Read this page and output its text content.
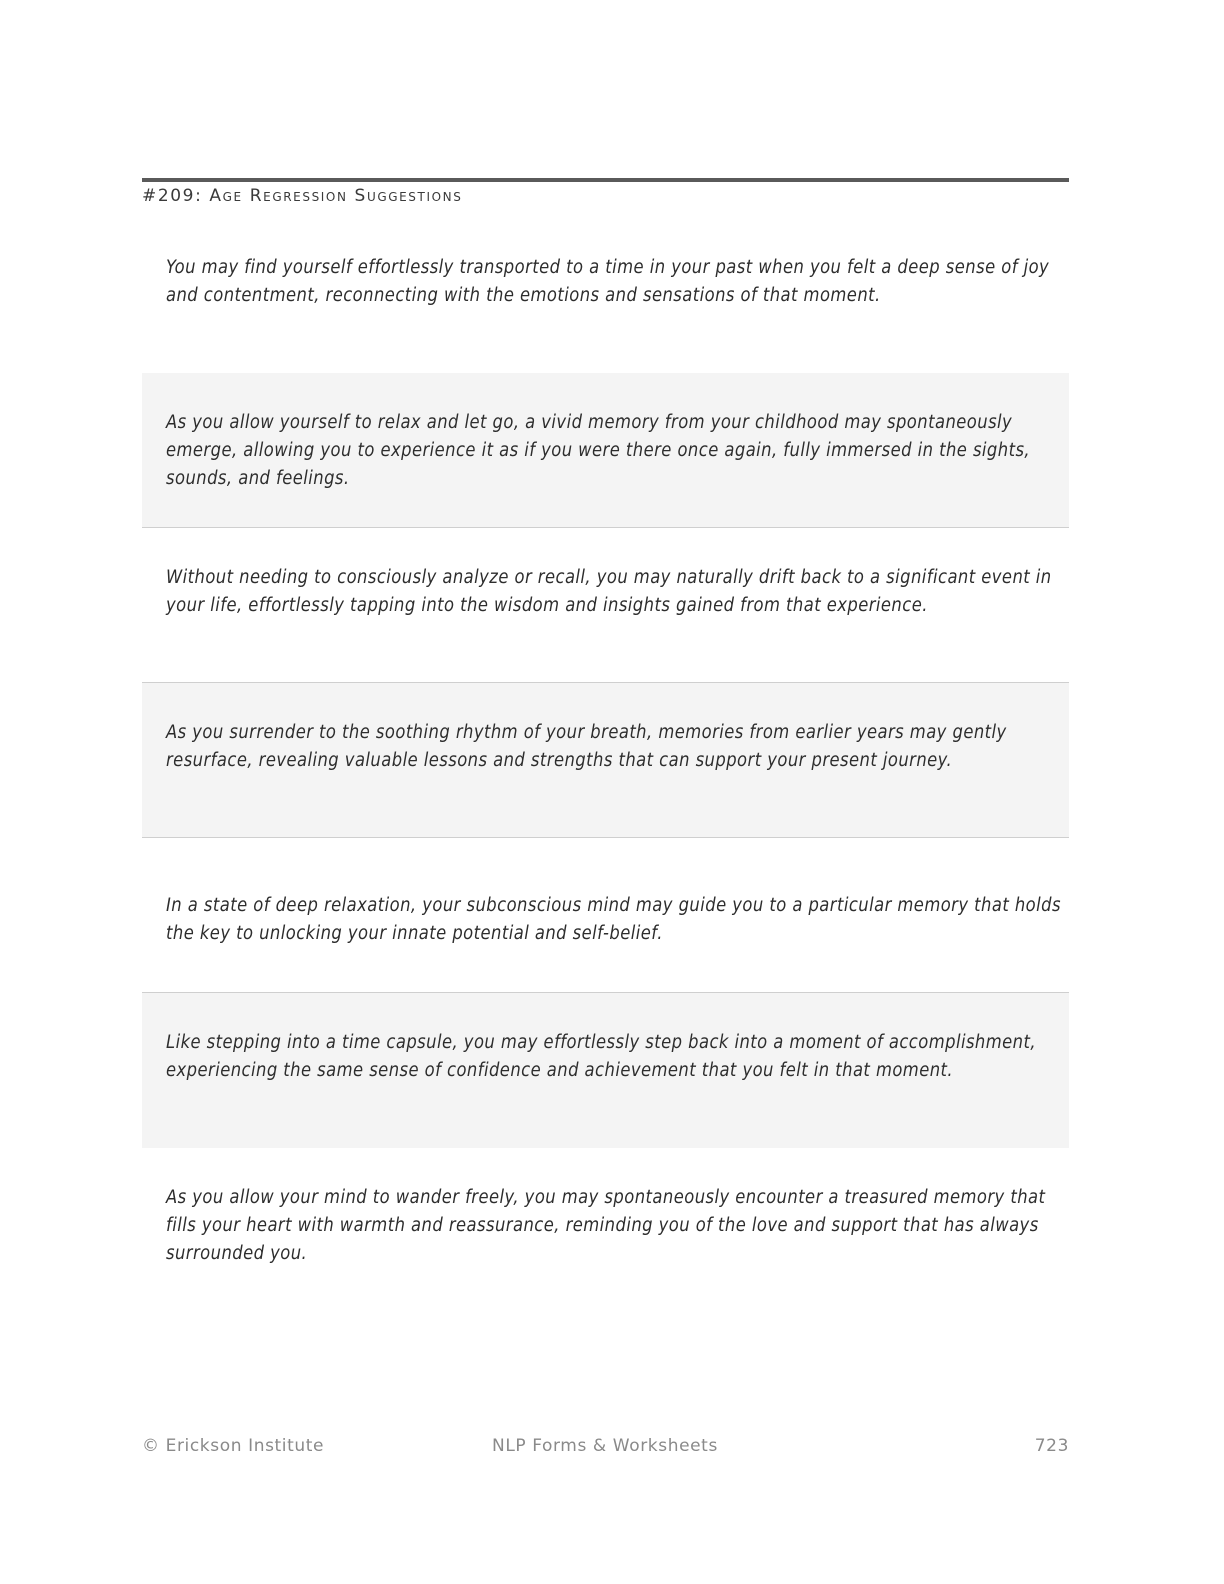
#209: Age Regression Suggestions

You may find yourself effortlessly transported to a time in your past when you felt a deep sense of joy and contentment, reconnecting with the emotions and sensations of that moment.

As you allow yourself to relax and let go, a vivid memory from your childhood may spontaneously emerge, allowing you to experience it as if you were there once again, fully immersed in the sights, sounds, and feelings.

Without needing to consciously analyze or recall, you may naturally drift back to a significant event in your life, effortlessly tapping into the wisdom and insights gained from that experience.

As you surrender to the soothing rhythm of your breath, memories from earlier years may gently resurface, revealing valuable lessons and strengths that can support your present journey.

In a state of deep relaxation, your subconscious mind may guide you to a particular memory that holds the key to unlocking your innate potential and self-belief.

Like stepping into a time capsule, you may effortlessly step back into a moment of accomplishment, experiencing the same sense of confidence and achievement that you felt in that moment.

As you allow your mind to wander freely, you may spontaneously encounter a treasured memory that fills your heart with warmth and reassurance, reminding you of the love and support that has always surrounded you.

© Erickson Institute	NLP Forms & Worksheets	723
